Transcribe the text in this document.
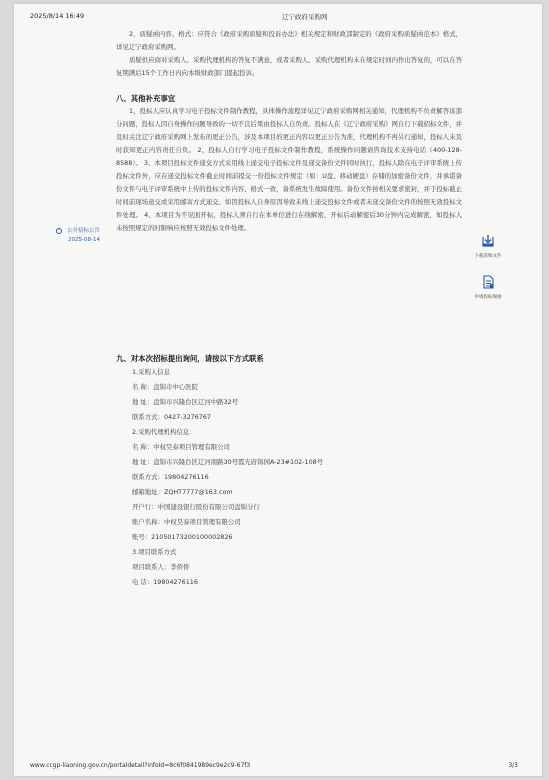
2025/8/14 16:49	辽宁政府采购网
公开招标公告
2025-08-14
下载采购文件
申请投标保函

2、质疑函内容、格式：应符合《政府采购质疑和投诉办法》相关规定和财政部制定的《政府采购质疑函范本》格式，详见辽宁政府采购网。

质疑供应商对采购人、采购代理机构的答复不满意，或者采购人、采购代理机构未在规定时间内作出答复的，可以在答复期满后15个工作日内向本级财政部门提起投诉。

八、其他补充事宜

1、投标人应认真学习电子投标文件制作教程，具体操作流程详见辽宁政府采购网相关通知，代理机构不负责解答该部分问题，投标人因自身操作问题导致的一切不良后果由投标人自负责。投标人在《辽宁政府采购》网自行下载招标文件，并及时关注辽宁政府采购网上发布的更正公告，涉及本项目的更正内容以更正公告为准，代理机构不再另行通知，投标人未及时获知更正内容责任自负。 2、投标人自行学习电子投标文件制作教程，系统操作问题请咨询技术支持电话（400-128-8588）。 3、本项目投标文件递交方式采用线上递交电子投标文件及递交备份文件同时执行，投标人除在电子评审系统上传投标文件外，应在递交投标文件截止时间前提交一份投标文件规定（如：U盘、移动硬盘）存储的加密备份文件，并承诺备份文件与电子评审系统中上传的投标文件内容、格式一致，备系统发生故障使用。备份文件按相关要求密封，并于投标截止时间前现场递交或采用邮寄方式递交。如因投标人自身原因导致未线上递交投标文件或者未递交备份文件的按照无效投标文件处理。 4、本项目为不见面开标，投标人须自行在本单位进行在线解密，开标后动解密后30分钟内完成解密，如投标人未按照规定的时限响应按照无效投标文件处理。

九、对本次招标提出询问，请按以下方式联系

1.采购人信息
名 称：盘锦市中心医院
地 址：盘锦市兴隆台区辽河中路32号
联系方式：0427-3276767
2.采购代理机构信息：
名 称：中权昊泰项目管理有限公司
地 址：盘锦市兴隆台区辽河南路30号霞光府锦园A-23#102-108号
联系方式：19804276116
邮箱地址：ZQHT7777@163.com
开户行：中国建设银行股份有限公司盘锦分行
账户名称：中权昊泰项目管理有限公司
账号：21050173200100002826
3.项目联系方式
项目联系人：李侨侨
电 话：19804276116
www.ccgp-liaoning.gov.cn/portaldetail?infoId=8c6f0841989ec9e2c9-67f3	3/3
